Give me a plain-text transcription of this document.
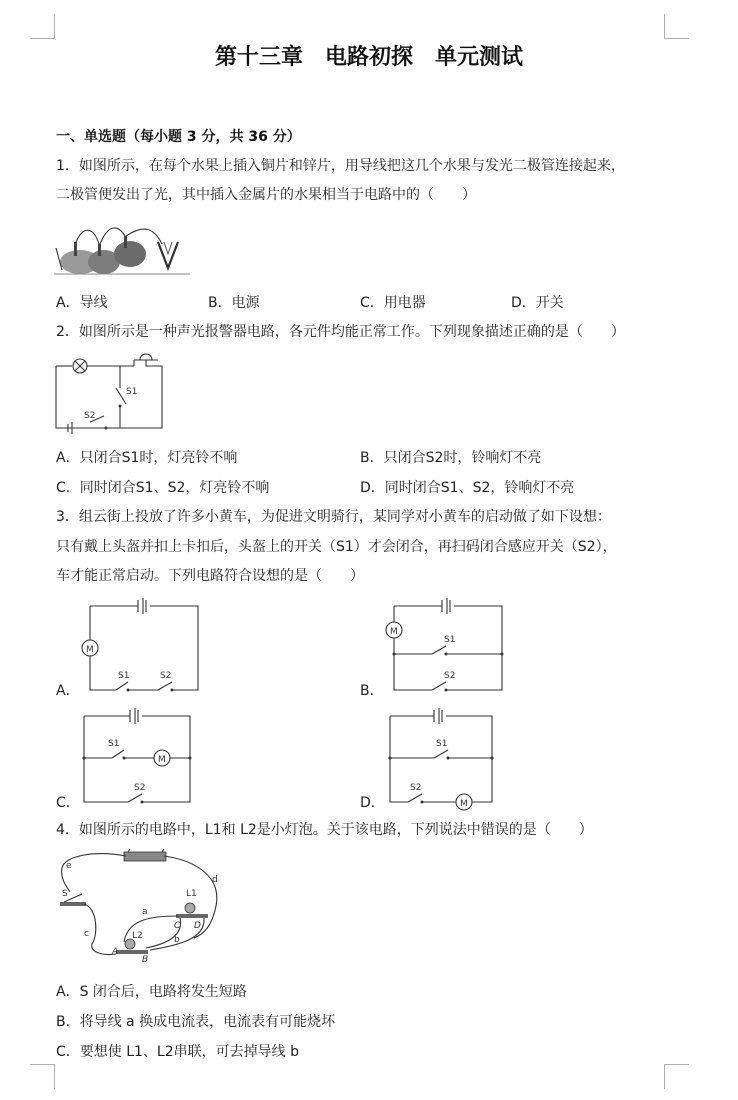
第十三章　电路初探　单元测试
一、单选题（每小题 3 分，共 36 分）
1．如图所示，在每个水果上插入铜片和锌片，用导线把这几个水果与发光二极管连接起来，
二极管便发出了光，其中插入金属片的水果相当于电路中的（　　）
A．导线	B．电源	C．用电器	D．开关
2．如图所示是一种声光报警器电路，各元件均能正常工作。下列现象描述正确的是（　　）
S1
S2
A．只闭合S1时，灯亮铃不响	B．只闭合S2时，铃响灯不亮
C．同时闭合S1、S2，灯亮铃不响	D．同时闭合S1、S2，铃响灯不亮
3．组云街上投放了许多小黄车，为促进文明骑行，某同学对小黄车的启动做了如下设想：
只有戴上头盔并扣上卡扣后，头盔上的开关（S1）才会闭合，再扫码闭合感应开关（S2），
车才能正常启动。下列电路符合设想的是（　　）
M
S1	S2
M
S1
S2
M
S1
S2
S1
S2
M
A．	B．
C．	D．
4．如图所示的电路中，L1和 L2是小灯泡。关于该电路，下列说法中错误的是（　　）
e
S	L1
d
a
c
C D
L2
A
B
b
A．S 闭合后，电路将发生短路
B．将导线 a 换成电流表，电流表有可能烧坏
C．要想使 L1、L2串联，可去掉导线 b
